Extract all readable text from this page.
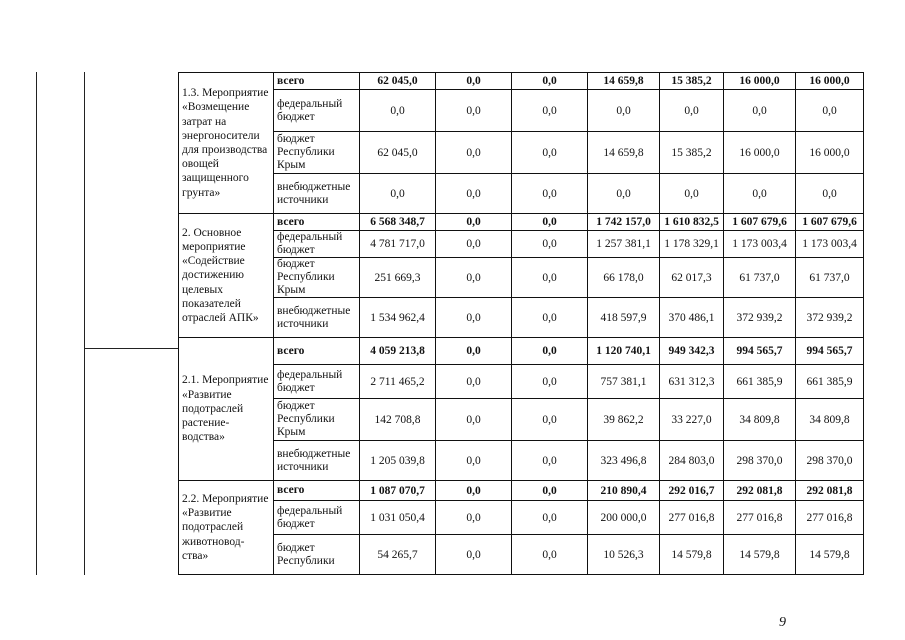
1.3. Мероприятие «Возмещение затрат на энергоносители для производства овощей защищенного грунта»	всего	62 045,0	0,0	0,0	14 659,8	15 385,2	16 000,0	16 000,0
	федеральный бюджет	0,0	0,0	0,0	0,0	0,0	0,0	0,0
	бюджет Республики Крым	62 045,0	0,0	0,0	14 659,8	15 385,2	16 000,0	16 000,0
	внебюджетные источники	0,0	0,0	0,0	0,0	0,0	0,0	0,0
2. Основное мероприятие «Содействие достижению целевых показателей отраслей АПК»	всего	6 568 348,7	0,0	0,0	1 742 157,0	1 610 832,5	1 607 679,6	1 607 679,6
	федеральный бюджет	4 781 717,0	0,0	0,0	1 257 381,1	1 178 329,1	1 173 003,4	1 173 003,4
	бюджет Республики Крым	251 669,3	0,0	0,0	66 178,0	62 017,3	61 737,0	61 737,0
	внебюджетные источники	1 534 962,4	0,0	0,0	418 597,9	370 486,1	372 939,2	372 939,2
2.1. Мероприятие «Развитие подотраслей растение-водства»	всего	4 059 213,8	0,0	0,0	1 120 740,1	949 342,3	994 565,7	994 565,7
	федеральный бюджет	2 711 465,2	0,0	0,0	757 381,1	631 312,3	661 385,9	661 385,9
	бюджет Республики Крым	142 708,8	0,0	0,0	39 862,2	33 227,0	34 809,8	34 809,8
	внебюджетные источники	1 205 039,8	0,0	0,0	323 496,8	284 803,0	298 370,0	298 370,0
2.2. Мероприятие «Развитие подотраслей животновод-ства»	всего	1 087 070,7	0,0	0,0	210 890,4	292 016,7	292 081,8	292 081,8
	федеральный бюджет	1 031 050,4	0,0	0,0	200 000,0	277 016,8	277 016,8	277 016,8
	бюджет Республики	54 265,7	0,0	0,0	10 526,3	14 579,8	14 579,8	14 579,8
9
